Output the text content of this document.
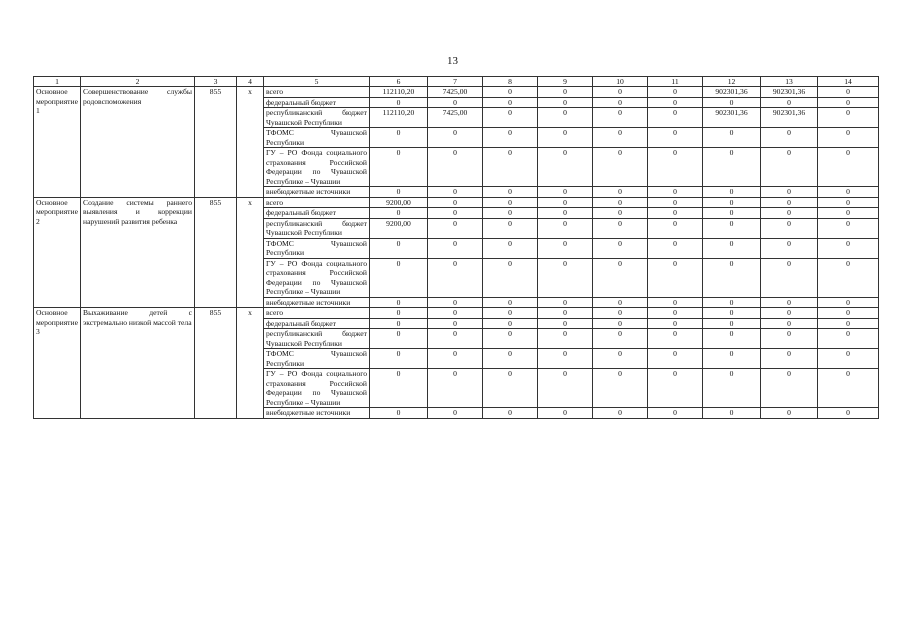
13
1	2	3	4	5	6	7	8	9	10	11	12	13	14
Основное мероприятие 1	Совершенствование службы родовспоможения	855	x	всего	112110,20	7425,00	0	0	0	0	902301,36	902301,36	0
				федеральный бюджет	0	0	0	0	0	0	0	0	0
				республиканский бюджет Чувашской Республики	112110,20	7425,00	0	0	0	0	902301,36	902301,36	0
				ТФОМС Чувашской Республики	0	0	0	0	0	0	0	0	0
				ГУ – РО Фонда социального страхования Российской Федерации по Чувашской Республике – Чувашии	0	0	0	0	0	0	0	0	0
				внебюджетные источники	0	0	0	0	0	0	0	0	0
Основное мероприятие 2	Создание системы раннего выявления и коррекции нарушений развития ребенка	855	x	всего	9200,00	0	0	0	0	0	0	0	0
				федеральный бюджет	0	0	0	0	0	0	0	0	0
				республиканский бюджет Чувашской Республики	9200,00	0	0	0	0	0	0	0	0
				ТФОМС Чувашской Республики	0	0	0	0	0	0	0	0	0
				ГУ – РО Фонда социального страхования Российской Федерации по Чувашской Республике – Чувашии	0	0	0	0	0	0	0	0	0
				внебюджетные источники	0	0	0	0	0	0	0	0	0
Основное мероприятие 3	Выхаживание детей с экстремально низкой массой тела	855	x	всего	0	0	0	0	0	0	0	0	0
				федеральный бюджет	0	0	0	0	0	0	0	0	0
				республиканский бюджет Чувашской Республики	0	0	0	0	0	0	0	0	0
				ТФОМС Чувашской Республики	0	0	0	0	0	0	0	0	0
				ГУ – РО Фонда социального страхования Российской Федерации по Чувашской Республике – Чувашии	0	0	0	0	0	0	0	0	0
				внебюджетные источники	0	0	0	0	0	0	0	0	0
